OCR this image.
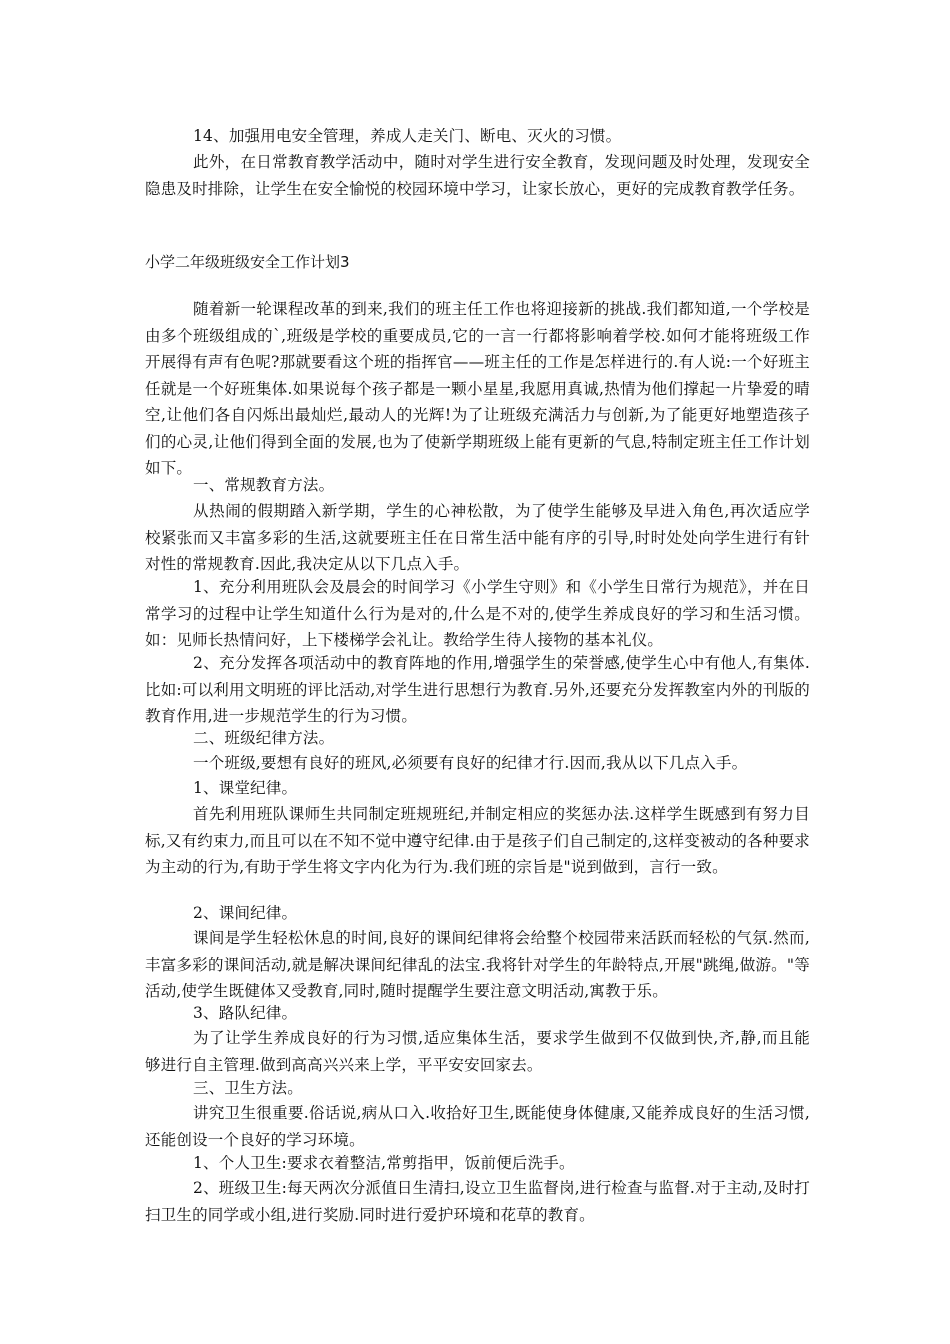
14、加强用电安全管理，养成人走关门、断电、灭火的习惯。

此外，在日常教育教学活动中，随时对学生进行安全教育，发现问题及时处理，发现安全隐患及时排除，让学生在安全愉悦的校园环境中学习，让家长放心，更好的完成教育教学任务。

小学二年级班级安全工作计划3

随着新一轮课程改革的到来,我们的班主任工作也将迎接新的挑战.我们都知道,一个学校是由多个班级组成的`,班级是学校的重要成员,它的一言一行都将影响着学校.如何才能将班级工作开展得有声有色呢?那就要看这个班的指挥官——班主任的工作是怎样进行的.有人说:一个好班主任就是一个好班集体.如果说每个孩子都是一颗小星星,我愿用真诚,热情为他们撑起一片挚爱的晴空,让他们各自闪烁出最灿烂,最动人的光辉!为了让班级充满活力与创新,为了能更好地塑造孩子们的心灵,让他们得到全面的发展,也为了使新学期班级上能有更新的气息,特制定班主任工作计划如下。

一、常规教育方法。

从热闹的假期踏入新学期，学生的心神松散，为了使学生能够及早进入角色,再次适应学校紧张而又丰富多彩的生活,这就要班主任在日常生活中能有序的引导,时时处处向学生进行有针对性的常规教育.因此,我决定从以下几点入手。

1、充分利用班队会及晨会的时间学习《小学生守则》和《小学生日常行为规范》，并在日常学习的过程中让学生知道什么行为是对的,什么是不对的,使学生养成良好的学习和生活习惯。如：见师长热情问好，上下楼梯学会礼让。教给学生待人接物的基本礼仪。

2、充分发挥各项活动中的教育阵地的作用,增强学生的荣誉感,使学生心中有他人,有集体.比如:可以利用文明班的评比活动,对学生进行思想行为教育.另外,还要充分发挥教室内外的刊版的教育作用,进一步规范学生的行为习惯。

二、班级纪律方法。

一个班级,要想有良好的班风,必须要有良好的纪律才行.因而,我从以下几点入手。

1、课堂纪律。

首先利用班队课师生共同制定班规班纪,并制定相应的奖惩办法.这样学生既感到有努力目标,又有约束力,而且可以在不知不觉中遵守纪律.由于是孩子们自己制定的,这样变被动的各种要求为主动的行为,有助于学生将文字内化为行为.我们班的宗旨是"说到做到，言行一致。

2、课间纪律。

课间是学生轻松休息的时间,良好的课间纪律将会给整个校园带来活跃而轻松的气氛.然而,丰富多彩的课间活动,就是解决课间纪律乱的法宝.我将针对学生的年龄特点,开展"跳绳,做游。"等活动,使学生既健体又受教育,同时,随时提醒学生要注意文明活动,寓教于乐。

3、路队纪律。

为了让学生养成良好的行为习惯,适应集体生活，要求学生做到不仅做到快,齐,静,而且能够进行自主管理.做到高高兴兴来上学，平平安安回家去。

三、卫生方法。

讲究卫生很重要.俗话说,病从口入.收拾好卫生,既能使身体健康,又能养成良好的生活习惯,还能创设一个良好的学习环境。

1、个人卫生:要求衣着整洁,常剪指甲，饭前便后洗手。

2、班级卫生:每天两次分派值日生清扫,设立卫生监督岗,进行检查与监督.对于主动,及时打扫卫生的同学或小组,进行奖励.同时进行爱护环境和花草的教育。
